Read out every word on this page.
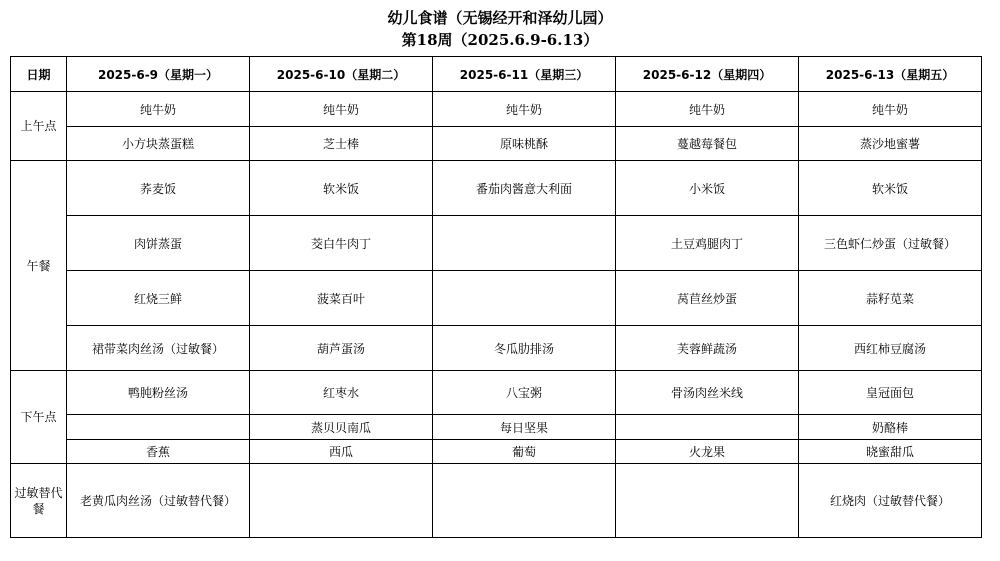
幼儿食谱（无锡经开和泽幼儿园）
第18周（2025.6.9-6.13）
日期	2025-6-9（星期一）	2025-6-10（星期二）	2025-6-11（星期三）	2025-6-12（星期四）	2025-6-13（星期五）
上午点	纯牛奶	纯牛奶	纯牛奶	纯牛奶	纯牛奶
	小方块蒸蛋糕	芝士棒	原味桃酥	蔓越莓餐包	蒸沙地蜜薯
午餐	荞麦饭	软米饭	番茄肉酱意大利面	小米饭	软米饭
	肉饼蒸蛋	茭白牛肉丁		土豆鸡腿肉丁	三色虾仁炒蛋（过敏餐）
	红烧三鲜	菠菜百叶		莴苣丝炒蛋	蒜籽苋菜
	裙带菜肉丝汤（过敏餐）	葫芦蛋汤	冬瓜肋排汤	芙蓉鲜蔬汤	西红柿豆腐汤
下午点	鸭肫粉丝汤	红枣水	八宝粥	骨汤肉丝米线	皇冠面包
		蒸贝贝南瓜	每日坚果		奶酪棒
	香蕉	西瓜	葡萄	火龙果	晓蜜甜瓜
过敏替代餐	老黄瓜肉丝汤（过敏替代餐）				红烧肉（过敏替代餐）
